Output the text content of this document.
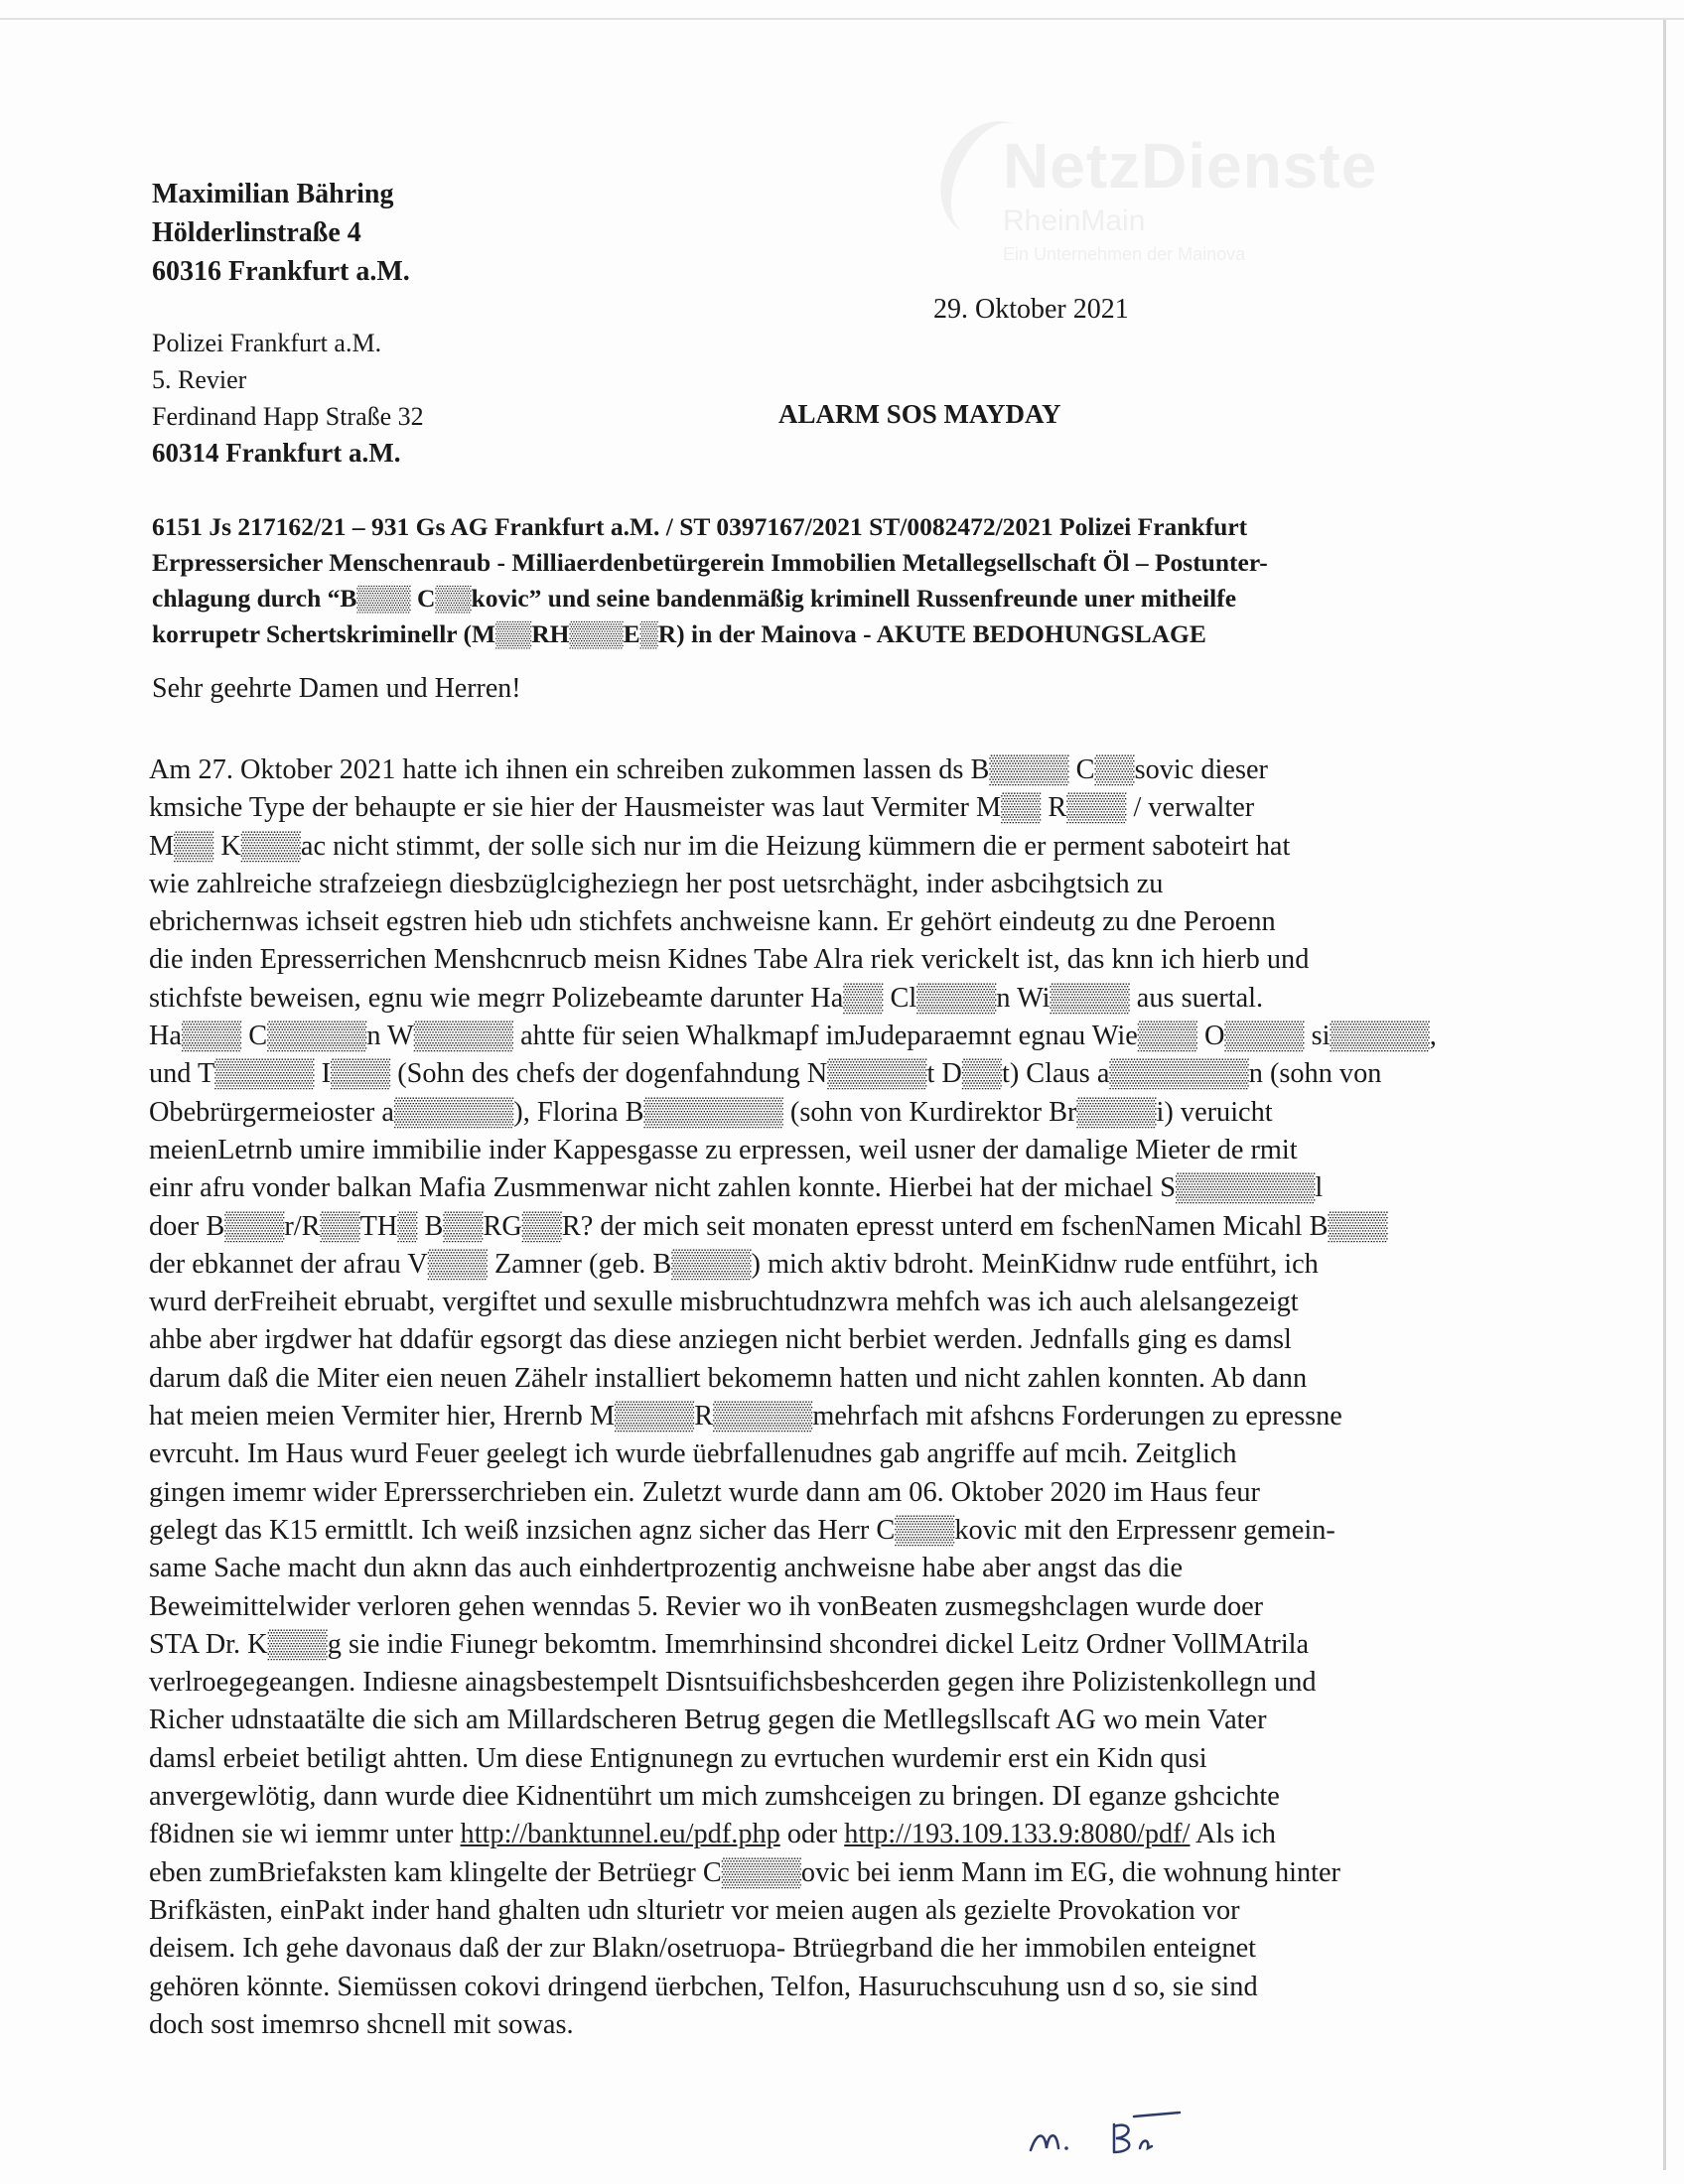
NetzDienste
RheinMain
Ein Unternehmen der Mainova
Maximilian Bähring
Hölderlinstraße 4
60316 Frankfurt a.M.
29. Oktober 2021
Polizei Frankfurt a.M.
5. Revier
Ferdinand Happ Straße 32
60314 Frankfurt a.M.
ALARM SOS MAYDAY
6151 Js 217162/21 – 931 Gs AG Frankfurt a.M. / ST 0397167/2021 ST/0082472/2021 Polizei Frankfurt
Erpressersicher Menschenraub - Milliaerdenbetürgerein Immobilien Metallegsellschaft Öl – Postunter-
chlagung durch “B▒▒▒ C▒▒kovic” und seine bandenmäßig kriminell Russenfreunde uner mitheilfe
korrupetr Schertskriminellr (M▒▒RH▒▒▒E▒R) in der Mainova - AKUTE BEDOHUNGSLAGE
Sehr geehrte Damen und Herren!
Am 27. Oktober 2021 hatte ich ihnen ein schreiben zukommen lassen ds B▒▒▒▒ C▒▒sovic dieser
kmsiche Type der behaupte er sie hier der Hausmeister was laut Vermiter M▒▒ R▒▒▒ / verwalter
M▒▒ K▒▒▒ac nicht stimmt, der solle sich nur im die Heizung kümmern die er perment saboteirt hat
wie zahlreiche strafzeiegn diesbzüglcigheziegn her post uetsrchäght, inder asbcihgtsich zu
ebrichernwas ichseit egstren hieb udn stichfets anchweisne kann. Er gehört eindeutg zu dne Peroenn
die inden Epresserrichen Menshcnrucb meisn Kidnes Tabe Alra riek verickelt ist, das knn ich hierb und
stichfste beweisen, egnu wie megrr Polizebeamte darunter Ha▒▒ Cl▒▒▒▒n Wi▒▒▒▒ aus suertal.
Ha▒▒▒ C▒▒▒▒▒n W▒▒▒▒▒ ahtte für seien Whalkmapf imJudeparaemnt egnau Wie▒▒▒ O▒▒▒▒ si▒▒▒▒▒,
und T▒▒▒▒▒ I▒▒▒ (Sohn des chefs der dogenfahndung N▒▒▒▒▒t D▒▒t) Claus a▒▒▒▒▒▒▒n (sohn von
Obebrürgermeioster a▒▒▒▒▒▒), Florina B▒▒▒▒▒▒▒ (sohn von Kurdirektor Br▒▒▒▒i) veruicht
meienLetrnb umire immibilie inder Kappesgasse zu erpressen, weil usner der damalige Mieter de rmit
einr afru vonder balkan Mafia Zusmmenwar nicht zahlen konnte. Hierbei hat der michael S▒▒▒▒▒▒▒l
doer B▒▒▒r/R▒▒TH▒ B▒▒RG▒▒R? der mich seit monaten epresst unterd em fschenNamen Micahl B▒▒▒
der ebkannet der afrau V▒▒▒ Zamner (geb. B▒▒▒▒) mich aktiv bdroht. MeinKidnw rude entführt, ich
wurd derFreiheit ebruabt, vergiftet und sexulle misbruchtudnzwra mehfch was ich auch alelsangezeigt
ahbe aber irgdwer hat ddafür egsorgt das diese anziegen nicht berbiet werden. Jednfalls ging es damsl
darum daß die Miter eien neuen Zähelr installiert bekomemn hatten und nicht zahlen konnten. Ab dann
hat meien meien Vermiter hier, Hrernb M▒▒▒▒R▒▒▒▒▒mehrfach mit afshcns Forderungen zu epressne
evrcuht. Im Haus wurd Feuer geelegt ich wurde üebrfallenudnes gab angriffe auf mcih. Zeitglich
gingen imemr wider Eprersserchrieben ein. Zuletzt wurde dann am 06. Oktober 2020 im Haus feur
gelegt das K15 ermittlt. Ich weiß inzsichen agnz sicher das Herr C▒▒▒kovic mit den Erpressenr gemein-
same Sache macht dun aknn das auch einhdertprozentig anchweisne habe aber angst das die
Beweimittelwider verloren gehen wenndas 5. Revier wo ih vonBeaten zusmegshclagen wurde doer
STA Dr. K▒▒▒g sie indie Fiunegr bekomtm. Imemrhinsind shcondrei dickel Leitz Ordner VollMAtrila
verlroegegeangen. Indiesne ainagsbestempelt Disntsuifichsbeshcerden gegen ihre Polizistenkollegn und
Richer udnstaatälte die sich am Millardscheren Betrug gegen die Metllegsllscaft AG wo mein Vater
damsl erbeiet betiligt ahtten. Um diese Entignunegn zu evrtuchen wurdemir erst ein Kidn qusi
anvergewlötig, dann wurde diee Kidnentührt um mich zumshceigen zu bringen. DI eganze gshcichte
f8idnen sie wi iemmr unter http://banktunnel.eu/pdf.php oder http://193.109.133.9:8080/pdf/ Als ich
eben zumBriefaksten kam klingelte der Betrüegr C▒▒▒▒ovic bei ienm Mann im EG, die wohnung hinter
Brifkästen, einPakt inder hand ghalten udn slturietr vor meien augen als gezielte Provokation vor
deisem. Ich gehe davonaus daß der zur Blakn/osetruopa- Btrüegrband die her immobilen enteignet
gehören könnte. Siemüssen cokovi dringend üerbchen, Telfon, Hasuruchscuhung usn d so, sie sind
doch sost imemrso shcnell mit sowas.
